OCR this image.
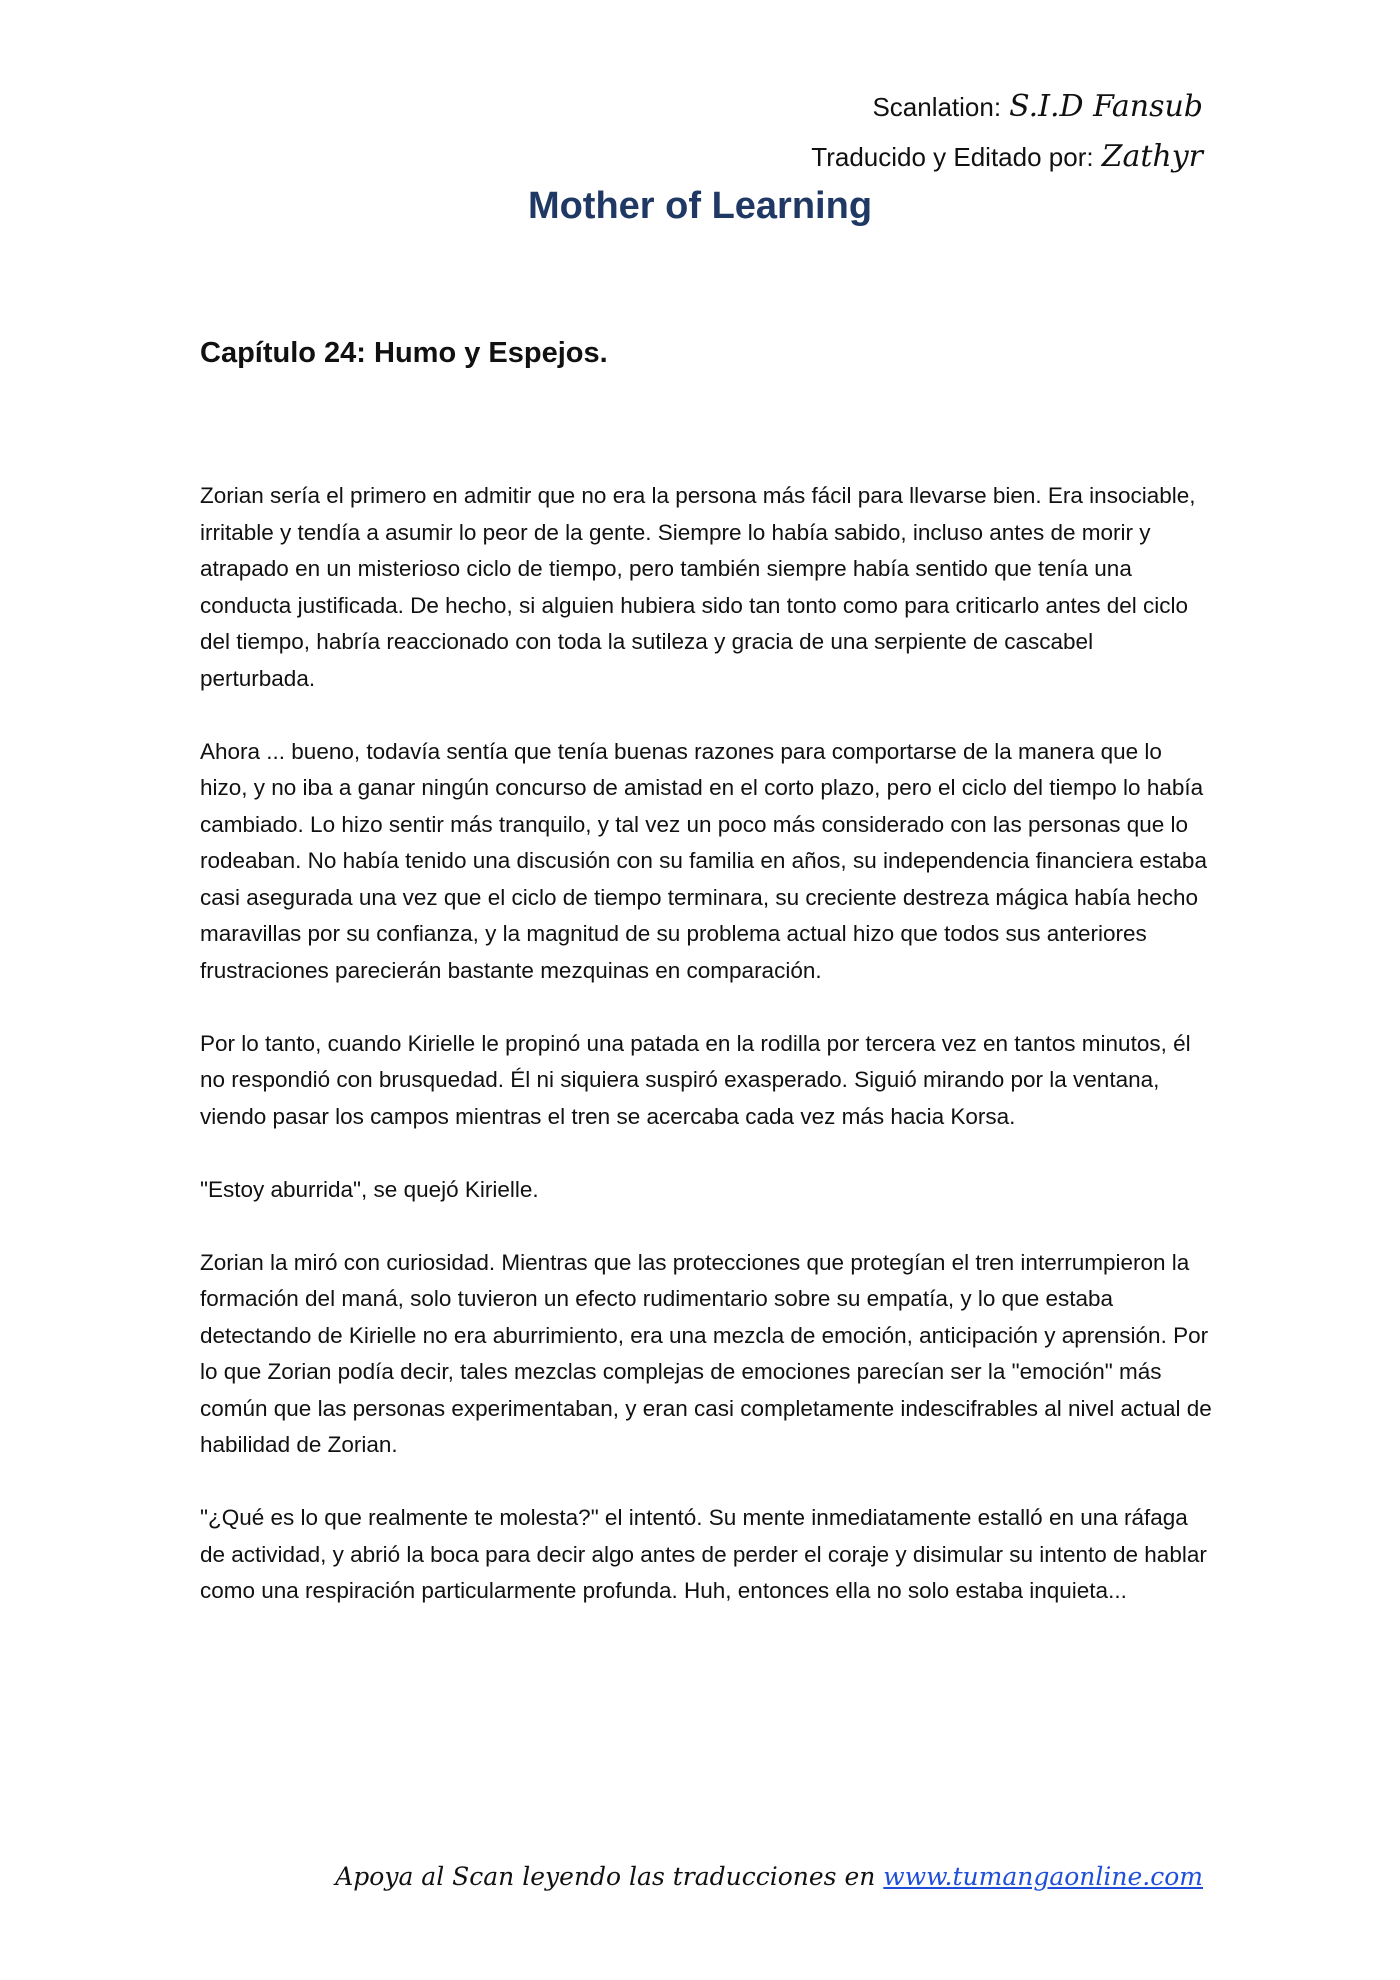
Scanlation: S.I.D Fansub
Traducido y Editado por: Zathyr
Mother of Learning
Capítulo 24: Humo y Espejos.

Zorian sería el primero en admitir que no era la persona más fácil para llevarse bien. Era insociable, irritable y tendía a asumir lo peor de la gente. Siempre lo había sabido, incluso antes de morir y atrapado en un misterioso ciclo de tiempo, pero también siempre había sentido que tenía una conducta justificada. De hecho, si alguien hubiera sido tan tonto como para criticarlo antes del ciclo del tiempo, habría reaccionado con toda la sutileza y gracia de una serpiente de cascabel perturbada.

Ahora ... bueno, todavía sentía que tenía buenas razones para comportarse de la manera que lo hizo, y no iba a ganar ningún concurso de amistad en el corto plazo, pero el ciclo del tiempo lo había cambiado. Lo hizo sentir más tranquilo, y tal vez un poco más considerado con las personas que lo rodeaban. No había tenido una discusión con su familia en años, su independencia financiera estaba casi asegurada una vez que el ciclo de tiempo terminara, su creciente destreza mágica había hecho maravillas por su confianza, y la magnitud de su problema actual hizo que todos sus anteriores frustraciones parecierán bastante mezquinas en comparación.

Por lo tanto, cuando Kirielle le propinó una patada en la rodilla por tercera vez en tantos minutos, él no respondió con brusquedad. Él ni siquiera suspiró exasperado. Siguió mirando por la ventana, viendo pasar los campos mientras el tren se acercaba cada vez más hacia Korsa.

"Estoy aburrida", se quejó Kirielle.

Zorian la miró con curiosidad. Mientras que las protecciones que protegían el tren interrumpieron la formación del maná, solo tuvieron un efecto rudimentario sobre su empatía, y lo que estaba detectando de Kirielle no era aburrimiento, era una mezcla de emoción, anticipación y aprensión. Por lo que Zorian podía decir, tales mezclas complejas de emociones parecían ser la "emoción" más común que las personas experimentaban, y eran casi completamente indescifrables al nivel actual de habilidad de Zorian.

"¿Qué es lo que realmente te molesta?" el intentó. Su mente inmediatamente estalló en una ráfaga de actividad, y abrió la boca para decir algo antes de perder el coraje y disimular su intento de hablar como una respiración particularmente profunda. Huh, entonces ella no solo estaba inquieta...

Apoya al Scan leyendo las traducciones en www.tumangaonline.com
